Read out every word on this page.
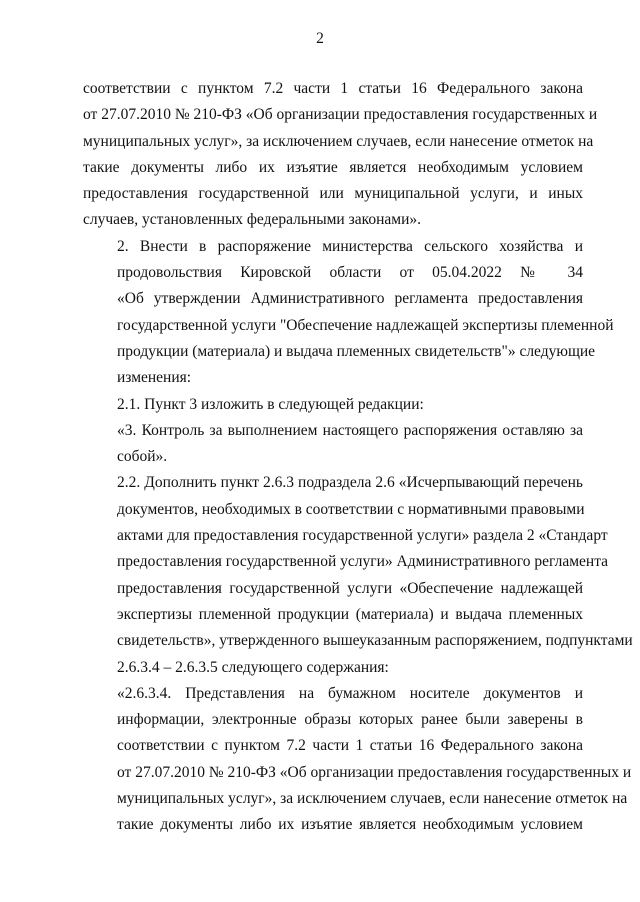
2
соответствии с пунктом 7.2 части 1 статьи 16 Федерального закона
от 27.07.2010 № 210-ФЗ «Об организации предоставления государственных и
муниципальных услуг», за исключением случаев, если нанесение отметок на
такие документы либо их изъятие является необходимым условием
предоставления государственной или муниципальной услуги, и иных
случаев, установленных федеральными законами».
2. Внести в распоряжение министерства сельского хозяйства и
продовольствия Кировской области от 05.04.2022 № 34
«Об утверждении Административного регламента предоставления
государственной услуги "Обеспечение надлежащей экспертизы племенной
продукции (материала) и выдача племенных свидетельств"» следующие
изменения:
2.1. Пункт 3 изложить в следующей редакции:
«3. Контроль за выполнением настоящего распоряжения оставляю за
собой».
2.2. Дополнить пункт 2.6.3 подраздела 2.6 «Исчерпывающий перечень
документов, необходимых в соответствии с нормативными правовыми
актами для предоставления государственной услуги» раздела 2 «Стандарт
предоставления государственной услуги» Административного регламента
предоставления государственной услуги «Обеспечение надлежащей
экспертизы племенной продукции (материала) и выдача племенных
свидетельств», утвержденного вышеуказанным распоряжением, подпунктами
2.6.3.4 – 2.6.3.5 следующего содержания:
«2.6.3.4. Представления на бумажном носителе документов и
информации, электронные образы которых ранее были заверены в
соответствии с пунктом 7.2 части 1 статьи 16 Федерального закона
от 27.07.2010 № 210-ФЗ «Об организации предоставления государственных и
муниципальных услуг», за исключением случаев, если нанесение отметок на
такие документы либо их изъятие является необходимым условием
